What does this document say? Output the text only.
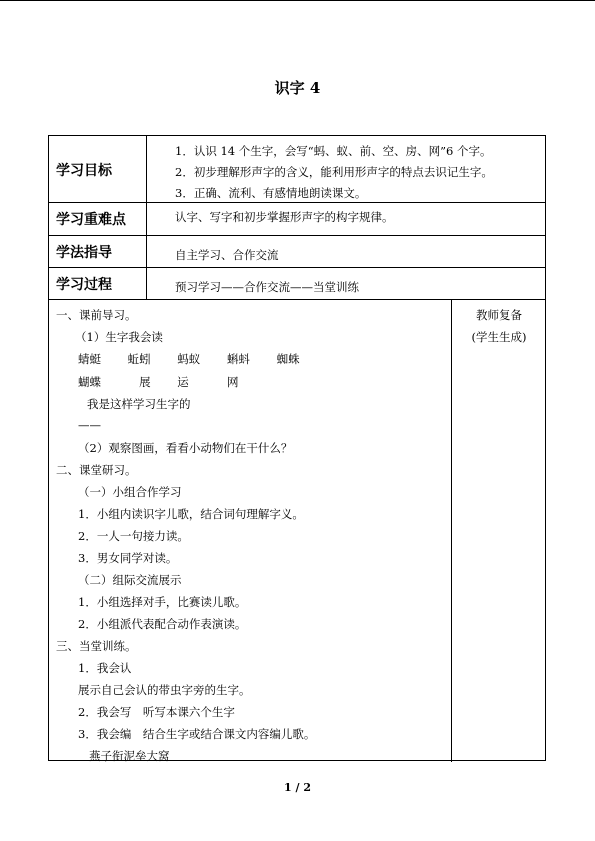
识字 4
学习目标
学习重难点
学法指导
学习过程
1．认识 14 个生字，会写“蚂、蚁、前、空、房、网”6 个字。
2．初步理解形声字的含义，能利用形声字的特点去识记生字。
3．正确、流利、有感情地朗读课文。
认字、写字和初步掌握形声字的构字规律。
自主学习、合作交流
预习学习——合作交流——当堂训练
教师复备
(学生生成)
一、课前导习。
（1）生字我会读
蜻蜓　　 蚯蚓　　 蚂蚁　　 蝌蚪　　 蜘蛛
蝴蝶　　　 展　　 运　　　 网
我是这样学习生字的
——
（2）观察图画，看看小动物们在干什么？
二、课堂研习。
（一）小组合作学习
1．小组内读识字儿歌，结合词句理解字义。
2．一人一句接力读。
3．男女同学对读。
（二）组际交流展示
1．小组选择对手，比赛读儿歌。
2．小组派代表配合动作表演读。
三、当堂训练。
1．我会认
展示自己会认的带虫字旁的生字。
2．我会写　听写本课六个生字
3．我会编　结合生字或结合课文内容编儿歌。
燕子衔泥垒大窝
1 / 2
